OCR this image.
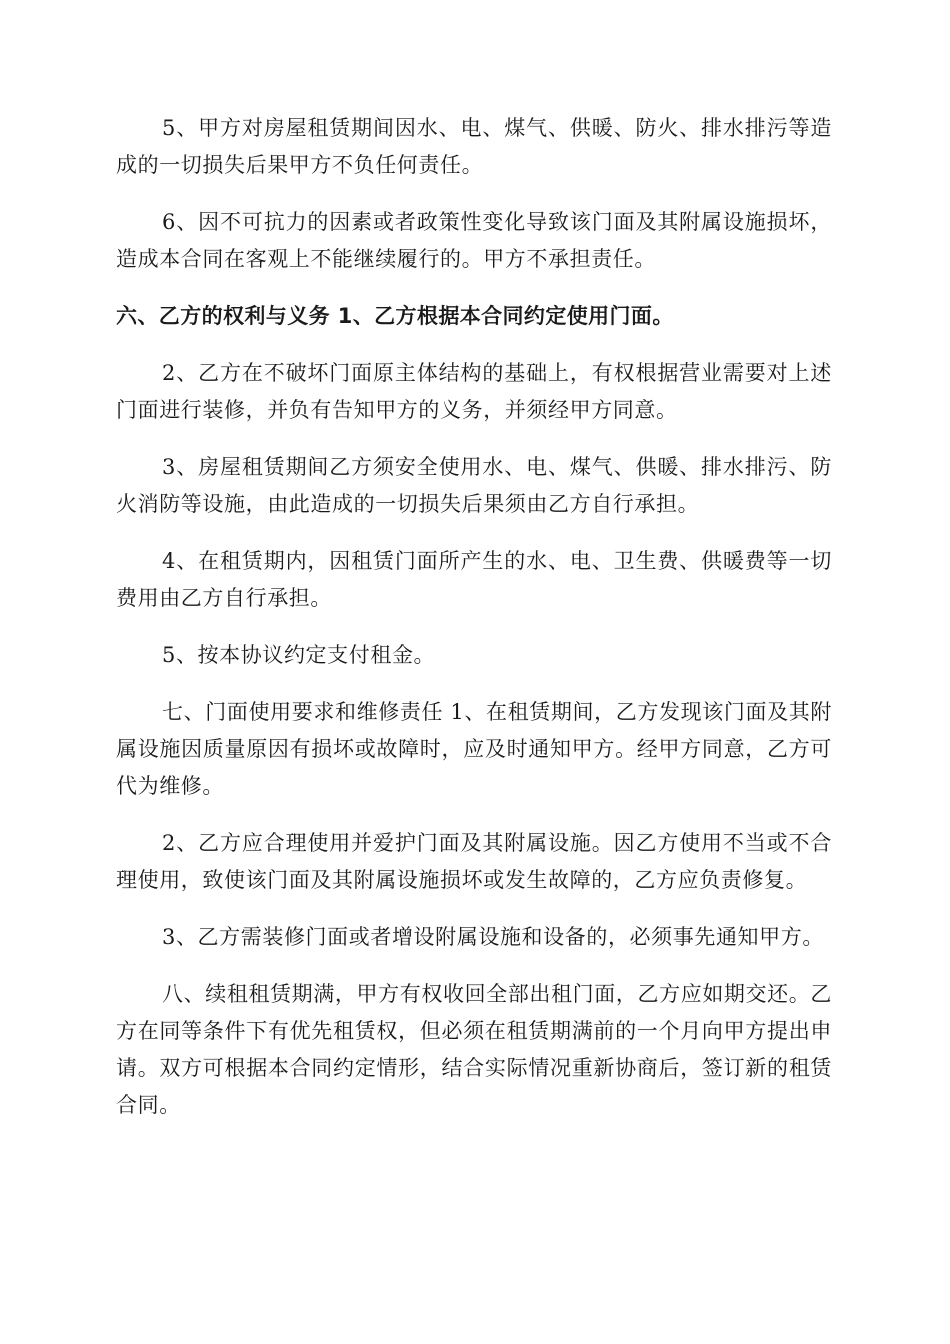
5、甲方对房屋租赁期间因水、电、煤气、供暖、防火、排水排污等造成的一切损失后果甲方不负任何责任。

6、因不可抗力的因素或者政策性变化导致该门面及其附属设施损坏，造成本合同在客观上不能继续履行的。甲方不承担责任。

六、乙方的权利与义务 1、乙方根据本合同约定使用门面。

2、乙方在不破坏门面原主体结构的基础上，有权根据营业需要对上述门面进行装修，并负有告知甲方的义务，并须经甲方同意。

3、房屋租赁期间乙方须安全使用水、电、煤气、供暖、排水排污、防火消防等设施，由此造成的一切损失后果须由乙方自行承担。

4、在租赁期内，因租赁门面所产生的水、电、卫生费、供暖费等一切费用由乙方自行承担。

5、按本协议约定支付租金。

七、门面使用要求和维修责任 1、在租赁期间，乙方发现该门面及其附属设施因质量原因有损坏或故障时，应及时通知甲方。经甲方同意，乙方可代为维修。

2、乙方应合理使用并爱护门面及其附属设施。因乙方使用不当或不合理使用，致使该门面及其附属设施损坏或发生故障的，乙方应负责修复。

3、乙方需装修门面或者增设附属设施和设备的，必须事先通知甲方。

八、续租租赁期满，甲方有权收回全部出租门面，乙方应如期交还。乙方在同等条件下有优先租赁权，但必须在租赁期满前的一个月向甲方提出申请。双方可根据本合同约定情形，结合实际情况重新协商后，签订新的租赁合同。
